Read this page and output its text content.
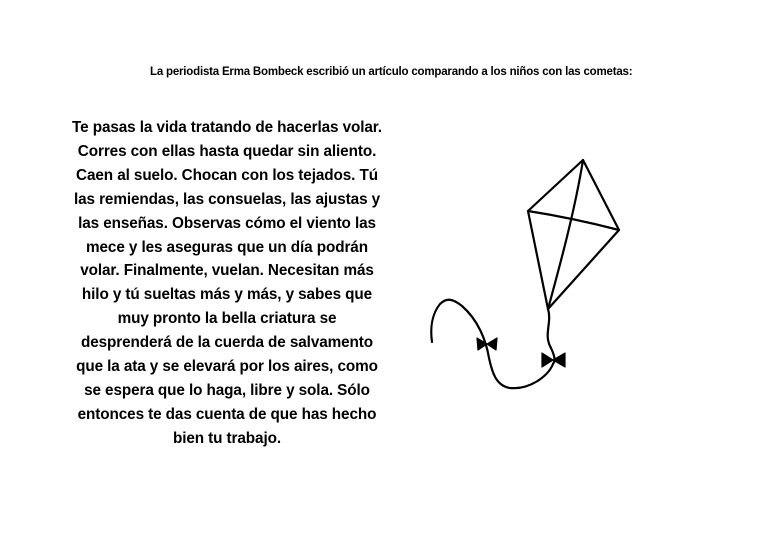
La periodista Erma Bombeck escribió un artículo comparando a los niños con las cometas:
Te pasas la vida tratando de hacerlas volar.
Corres con ellas hasta quedar sin aliento.
Caen al suelo. Chocan con los tejados. Tú
las remiendas, las consuelas, las ajustas y
las enseñas. Observas cómo el viento las
mece y les aseguras que un día podrán
volar. Finalmente, vuelan. Necesitan más
hilo y tú sueltas más y más, y sabes que
muy pronto la bella criatura se
desprenderá de la cuerda de salvamento
que la ata y se elevará por los aires, como
se espera que lo haga, libre y sola. Sólo
entonces te das cuenta de que has hecho
bien tu trabajo.
